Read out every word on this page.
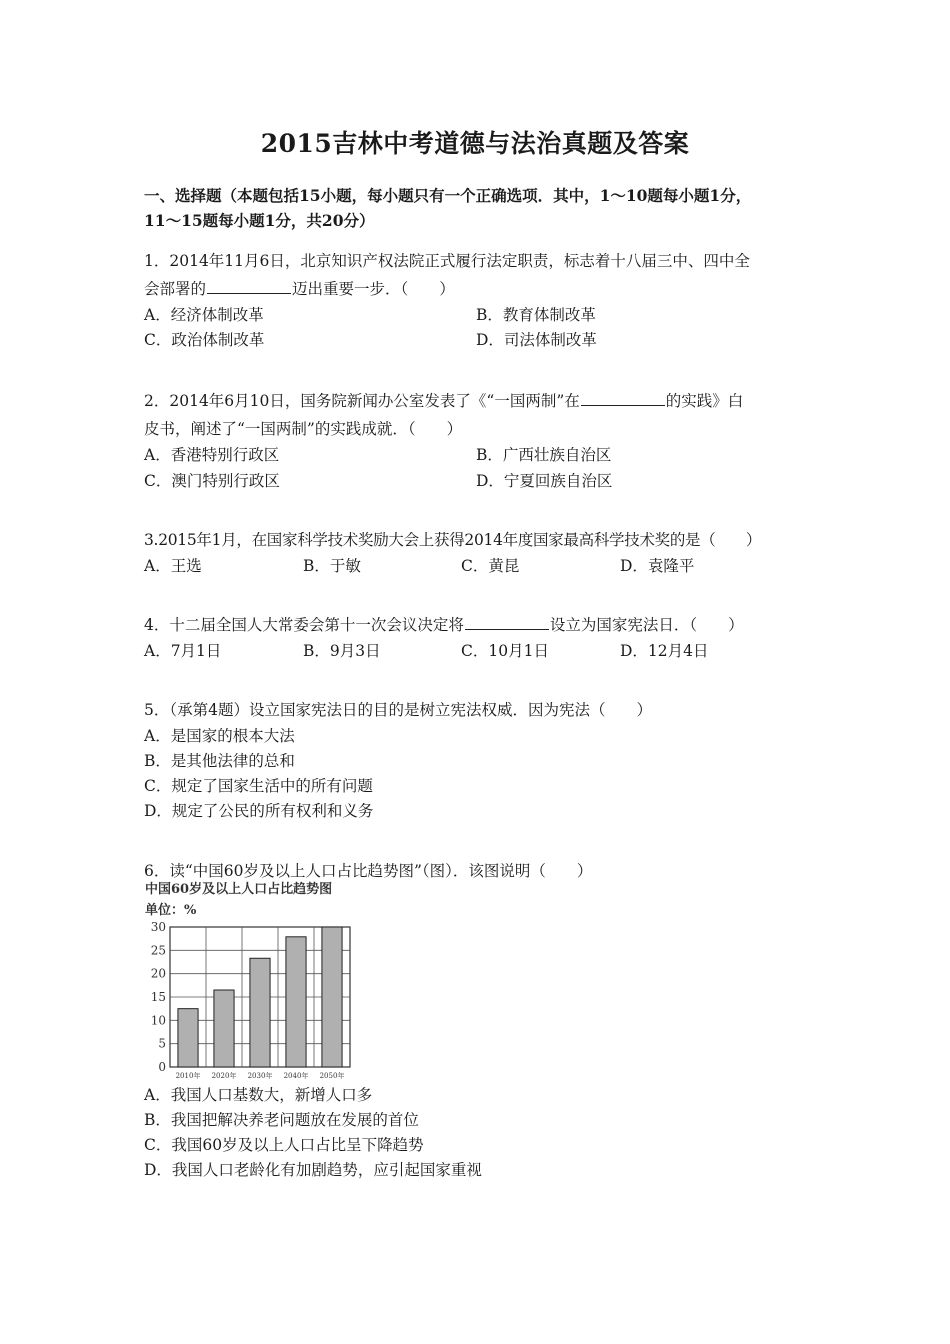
2015吉林中考道德与法治真题及答案
一、选择题（本题包括15小题，每小题只有一个正确选项．其中，1～10题每小题1分，
11～15题每小题1分，共20分）
1．2014年11月6日，北京知识产权法院正式履行法定职责，标志着十八届三中、四中全
会部署的	迈出重要一步．（　　）
A．经济体制改革	B．教育体制改革
C．政治体制改革	D．司法体制改革
2．2014年6月10日，国务院新闻办公室发表了《“一国两制”在	的实践》白
皮书，阐述了“一国两制”的实践成就．（　　）
A．香港特别行政区	B．广西壮族自治区
C．澳门特别行政区	D．宁夏回族自治区
3.2015年1月，在国家科学技术奖励大会上获得2014年度国家最高科学技术奖的是（　　）
A．王选	B．于敏	C．黄昆	D．袁隆平
4．十二届全国人大常委会第十一次会议决定将	设立为国家宪法日．（　　）
A．7月1日	B．9月3日	C．10月1日	D．12月4日
5．（承第4题）设立国家宪法日的目的是树立宪法权威．因为宪法（　　）
A．是国家的根本大法
B．是其他法律的总和
C．规定了国家生活中的所有问题
D．规定了公民的所有权利和义务
6．读“中国60岁及以上人口占比趋势图”（图）．该图说明（　　）
中国60岁及以上人口占比趋势图
单位：%
0
5
10
15
20
25
30
2010年 2020年 2030年 2040年 2050年
A．我国人口基数大，新增人口多
B．我国把解决养老问题放在发展的首位
C．我国60岁及以上人口占比呈下降趋势
D．我国人口老龄化有加剧趋势，应引起国家重视
